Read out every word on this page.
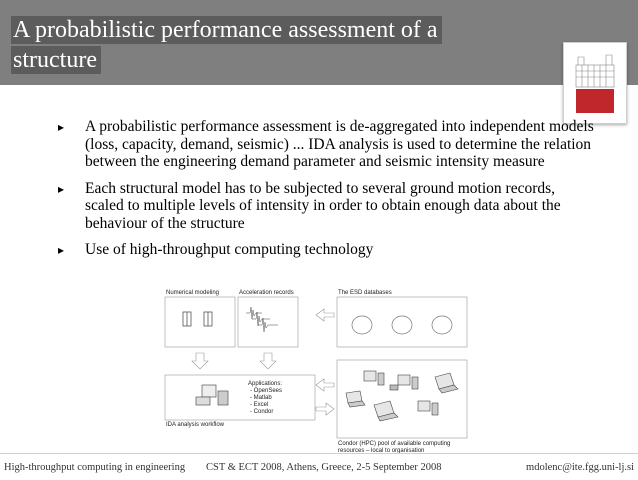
A probabilistic performance assessment of a
structure
▸ A probabilistic performance assessment is de-aggregated into independent models (loss, capacity, demand, seismic) ... IDA analysis is used to determine the relation between the engineering demand parameter and seismic intensity measure
▸ Each structural model has to be subjected to several ground motion records, scaled to multiple levels of intensity in order to obtain enough data about the behaviour of the structure
▸ Use of high-throughput computing technology
Numerical modeling	Acceleration records	The ESD databases
Applications:
- OpenSees
- Matlab
- Excel
- Condor
IDA analysis workflow
Condor (HPC) pool of available computing
resources – local to organisation
High-throughput computing in engineering CST & ECT 2008, Athens, Greece, 2-5 September 2008	mdolenc@ite.fgg.uni-lj.si
